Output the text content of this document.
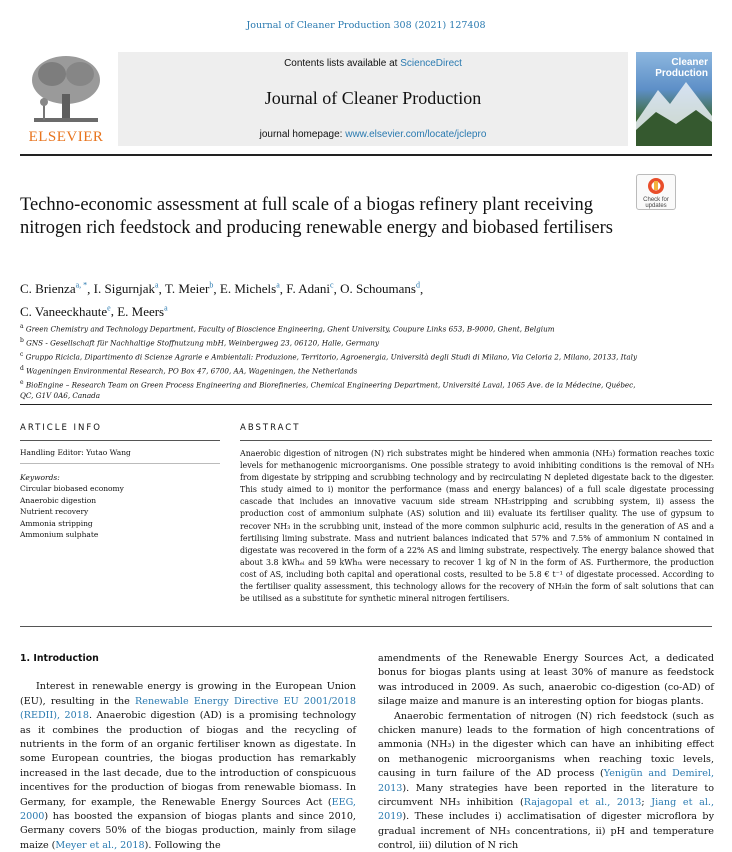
Journal of Cleaner Production 308 (2021) 127408
ELSEVIER
Contents lists available at ScienceDirect
Journal of Cleaner Production
journal homepage: www.elsevier.com/locate/jclepro
Cleaner
Production
Check for
updates
Techno-economic assessment at full scale of a biogas refinery plant receiving nitrogen rich feedstock and producing renewable energy and biobased fertilisers
C. Brienza$^{a, *}$, I. Sigurnjak$^a$, T. Meier$^b$, E. Michels$^a$, F. Adani$^c$, O. Schoumans$^d$,
C. Vaneeckhaute$^e$, E. Meers$^a$
$^a$ Green Chemistry and Technology Department, Faculty of Bioscience Engineering, Ghent University, Coupure Links 653, B-9000, Ghent, Belgium
$^b$ GNS - Gesellschaft für Nachhaltige Stoffnutzung mbH, Weinbergweg 23, 06120, Halle, Germany
$^c$ Gruppo Ricicla, Dipartimento di Scienze Agrarie e Ambientali: Produzione, Territorio, Agroenergia, Università degli Studi di Milano, Via Celoria 2, Milano, 20133, Italy
$^d$ Wageningen Environmental Research, PO Box 47, 6700, AA, Wageningen, the Netherlands
$^e$ BioEngine – Research Team on Green Process Engineering and Biorefineries, Chemical Engineering Department, Université Laval, 1065 Ave. de la Médecine, Québec, QC, G1V 0A6, Canada
ARTICLE INFO	ABSTRACT
Handling Editor: Yutao Wang
Keywords:
Circular biobased economy
Anaerobic digestion
Nutrient recovery
Ammonia stripping
Ammonium sulphate
Anaerobic digestion of nitrogen (N) rich substrates might be hindered when ammonia (NH₃) formation reaches toxic levels for methanogenic microorganisms. One possible strategy to avoid inhibiting conditions is the removal of NH₃ from digestate by stripping and scrubbing technology and by recirculating N depleted digestate back to the digester. This study aimed to i) monitor the performance (mass and energy balances) of a full scale digestate processing cascade that includes an innovative vacuum side stream NH₃stripping and scrubbing system, ii) assess the production cost of ammonium sulphate (AS) solution and iii) evaluate its fertiliser quality. The use of gypsum to recover NH₃ in the scrubbing unit, instead of the more common sulphuric acid, results in the generation of AS and a fertilising liming substrate. Mass and nutrient balances indicated that 57% and 7.5% of ammonium N contained in digestate was recovered in the form of a 22% AS and liming substrate, respectively. The energy balance showed that about 3.8 kWhₑₗ and 59 kWhₜₕ were necessary to recover 1 kg of N in the form of AS. Furthermore, the production cost of AS, including both capital and operational costs, resulted to be 5.8 € t⁻¹ of digestate processed. According to the fertiliser quality assessment, this technology allows for the recovery of NH₃in the form of salt solutions that can be utilised as a substitute for synthetic mineral nitrogen fertilisers.
1. Introduction

Interest in renewable energy is growing in the European Union (EU), resulting in the Renewable Energy Directive EU 2001/2018 (REDII), 2018. Anaerobic digestion (AD) is a promising technology as it combines the production of biogas and the recycling of nutrients in the form of an organic fertiliser known as digestate. In some European countries, the biogas production has remarkably increased in the last decade, due to the introduction of conspicuous incentives for the production of biogas from renewable biomass. In Germany, for example, the Renewable Energy Sources Act (EEG, 2000) has boosted the expansion of biogas plants and since 2010, Germany covers 50% of the biogas production, mainly from silage maize (Meyer et al., 2018). Following the

amendments of the Renewable Energy Sources Act, a dedicated bonus for biogas plants using at least 30% of manure as feedstock was introduced in 2009. As such, anaerobic co-digestion (co-AD) of silage maize and manure is an interesting option for biogas plants.

Anaerobic fermentation of nitrogen (N) rich feedstock (such as chicken manure) leads to the formation of high concentrations of ammonia (NH₃) in the digester which can have an inhibiting effect on methanogenic microorganisms when reaching toxic levels, causing in turn failure of the AD process (Yenigün and Demirel, 2013). Many strategies have been reported in the literature to circumvent NH₃ inhibition (Rajagopal et al., 2013; Jiang et al., 2019). These includes i) acclimatisation of digester microflora by gradual increment of NH₃ concentrations, ii) pH and temperature control, iii) dilution of N rich
